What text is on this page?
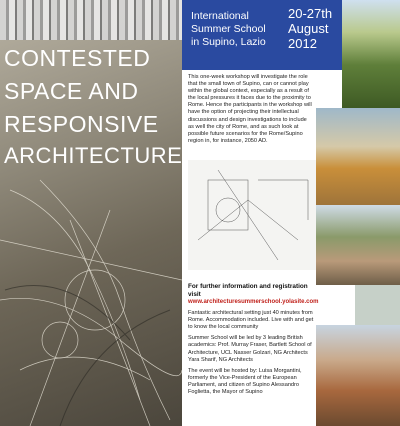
CONTESTED
SPACE AND
RESPONSIVE
ARCHITECTURE
International
Summer School
in Supino, Lazio
20-27th
August
2012
This one-week workshop will investigate the role that the small town of Supino, can or cannot play within the global context, especially as a result of the local pressures it faces due to the proximity to Rome. Hence the participants in the workshop will have the option of projecting their intellectual discussions and design investigations to include as well the city of Rome, and as such look at possible future scenarios for the Rome/Supino region in, for instance, 2050 AD.
For further information and registration visit

www.architecturesummerschool.yolasite.com

Fantastic architectural setting just 40 minutes from Rome. Accommodation included. Live with and get to know the local community

Summer School will be led by 3 leading British academics: Prof. Murray Fraser, Bartlett School of Architecture, UCL Nasser Golzari, NG Architects Yara Sharif, NG Architects

The event will be hosted by: Luisa Morgantini, formerly the Vice-President of the European Parliament, and citizen of Supino Alessandro Foglietta, the Mayor of Supino
